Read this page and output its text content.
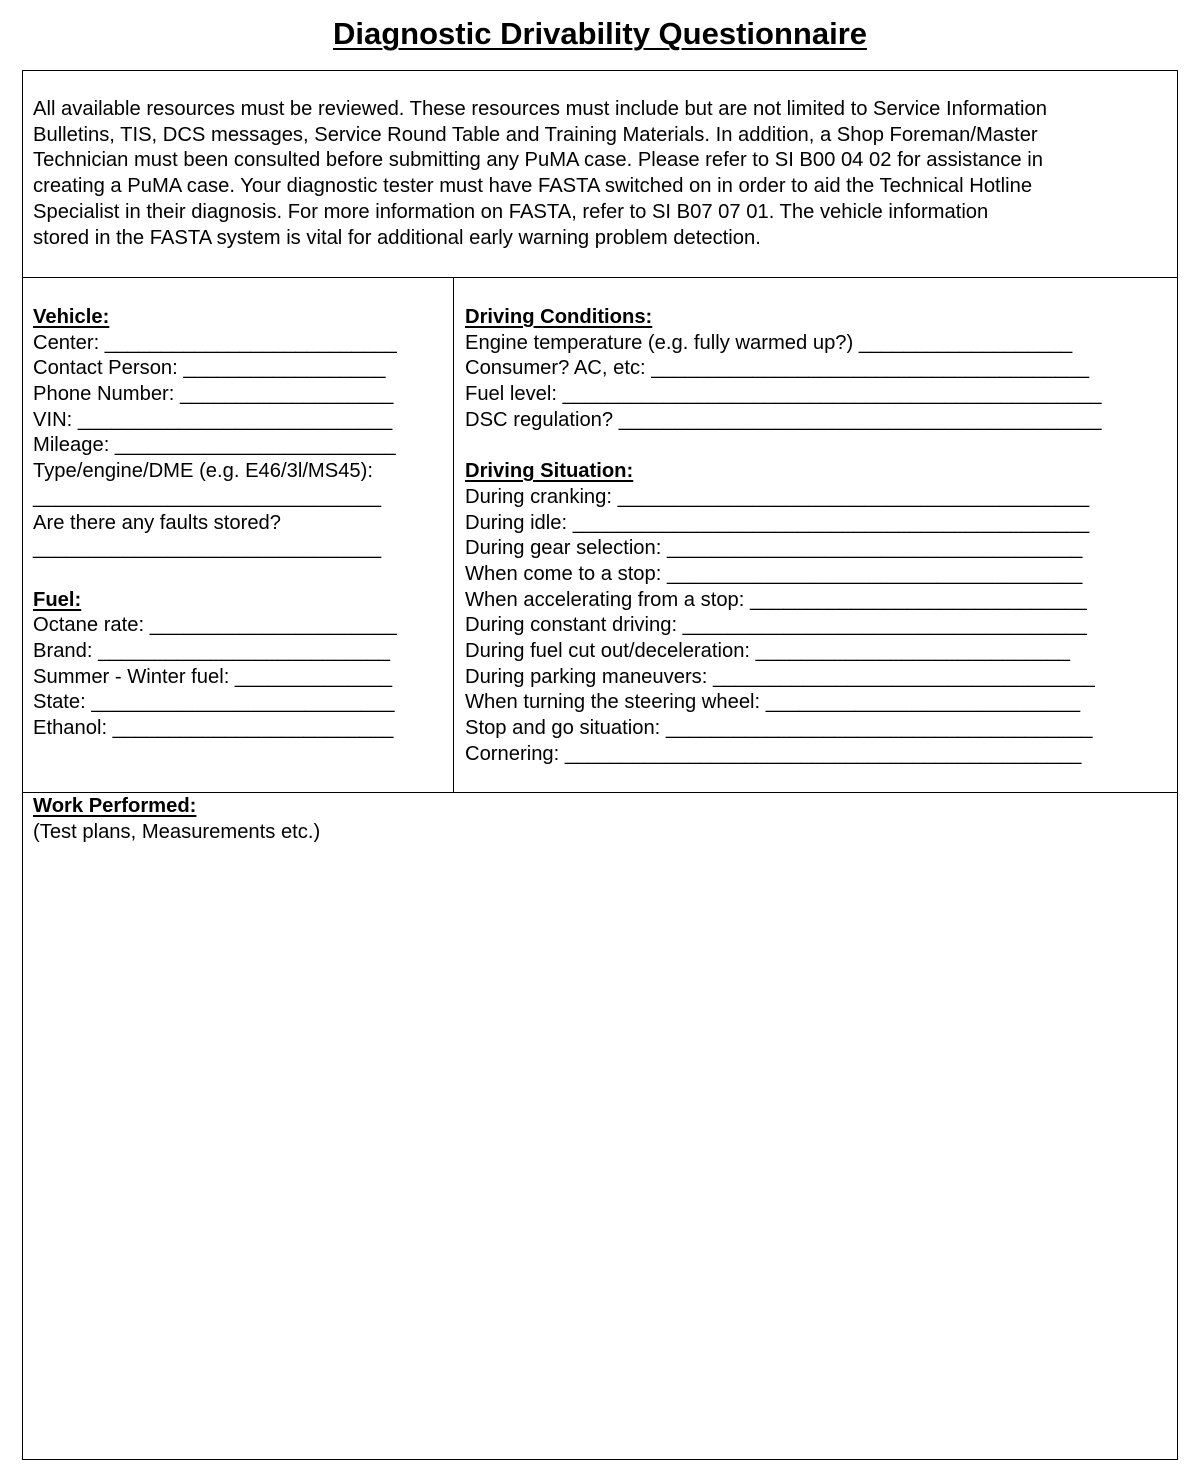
Diagnostic Drivability Questionnaire
All available resources must be reviewed. These resources must include but are not limited to Service Information
Bulletins, TIS, DCS messages, Service Round Table and Training Materials. In addition, a Shop Foreman/Master
Technician must been consulted before submitting any PuMA case. Please refer to SI B00 04 02 for assistance in
creating a PuMA case. Your diagnostic tester must have FASTA switched on in order to aid the Technical Hotline
Specialist in their diagnosis. For more information on FASTA, refer to SI B07 07 01. The vehicle information
stored in the FASTA system is vital for additional early warning problem detection.
Vehicle:
Center: __________________________
Contact Person: __________________
Phone Number: ___________________
VIN: ____________________________
Mileage: _________________________
Type/engine/DME (e.g. E46/3l/MS45):
_______________________________
Are there any faults stored?
_______________________________
Fuel:
Octane rate: ______________________
Brand: __________________________
Summer - Winter fuel: ______________
State: ___________________________
Ethanol: _________________________
Driving Conditions:
Engine temperature (e.g. fully warmed up?) ___________________
Consumer? AC, etc: _______________________________________
Fuel level: ________________________________________________
DSC regulation? ___________________________________________
Driving Situation:
During cranking: __________________________________________
During idle: ______________________________________________
During gear selection: _____________________________________
When come to a stop: _____________________________________
When accelerating from a stop: ______________________________
During constant driving: ____________________________________
During fuel cut out/deceleration: ____________________________
During parking maneuvers: __________________________________
When turning the steering wheel: ____________________________
Stop and go situation: ______________________________________
Cornering: ______________________________________________
Work Performed:
(Test plans, Measurements etc.)
